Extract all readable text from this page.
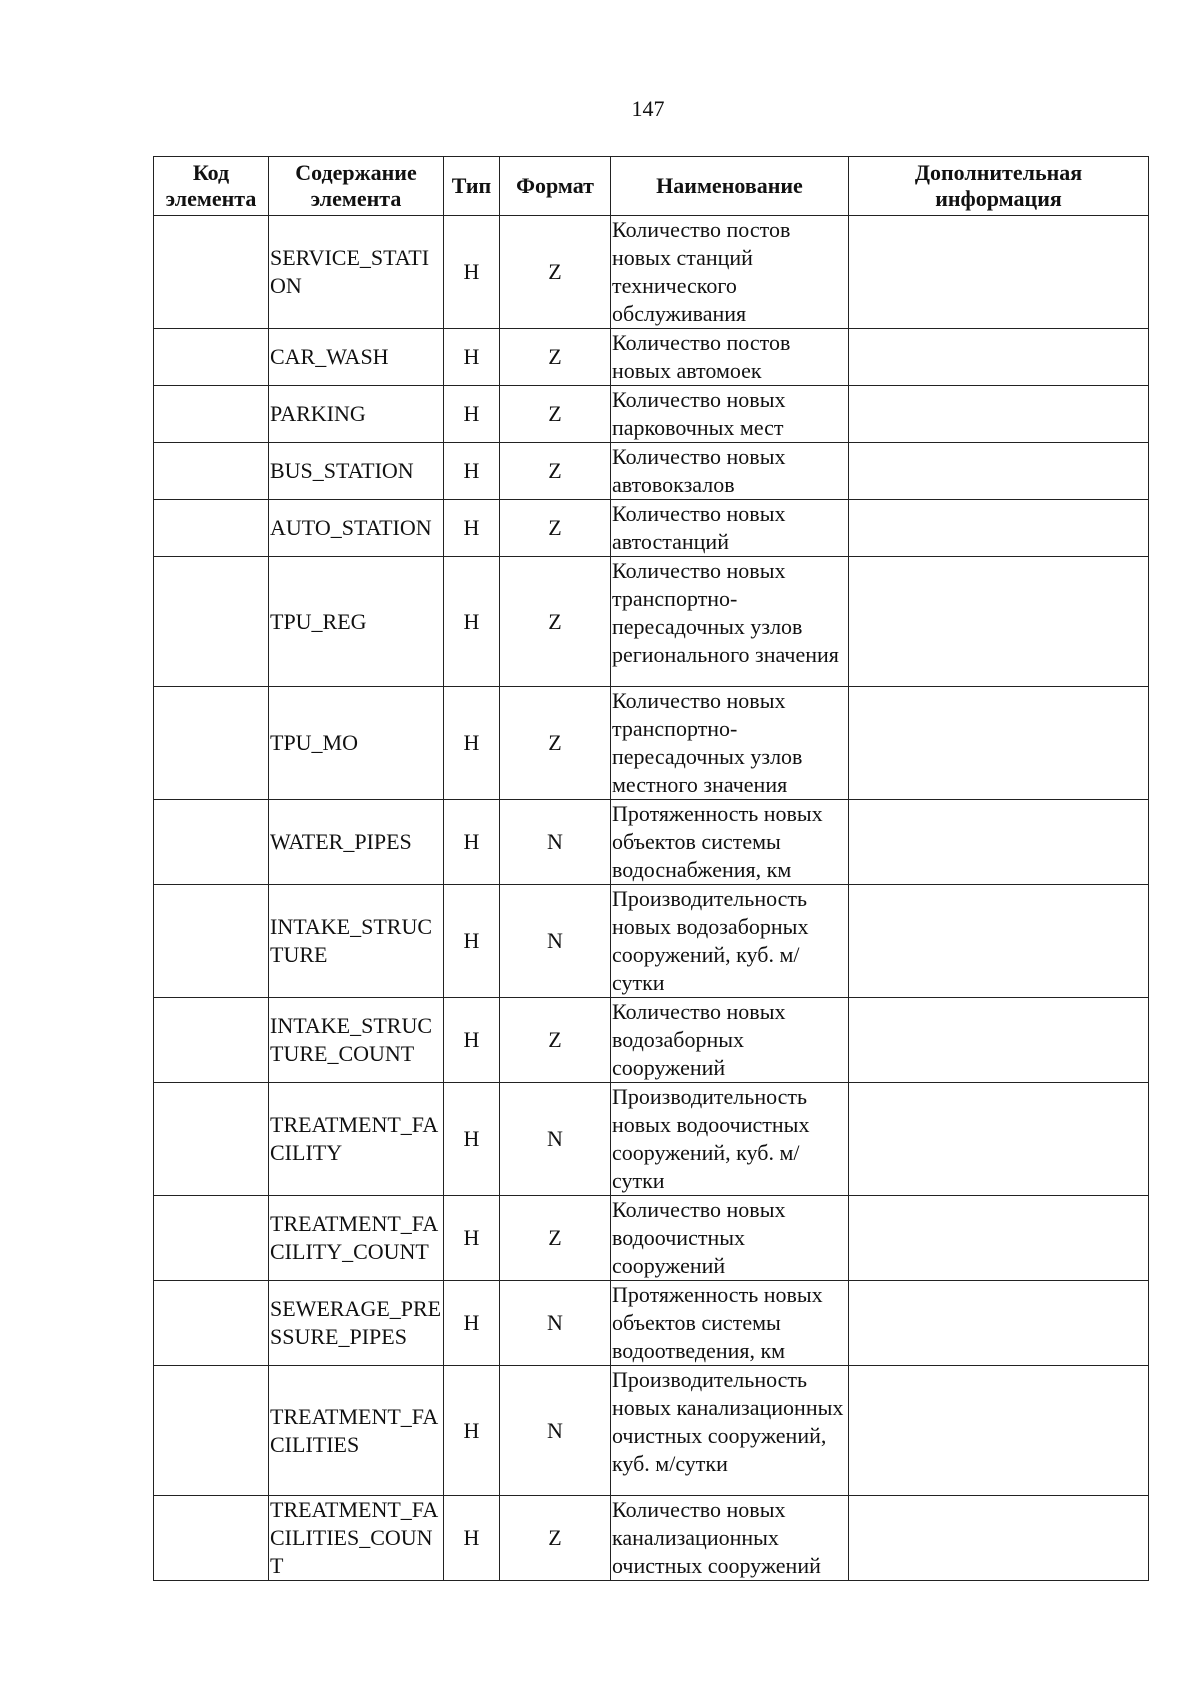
147
Код элемента	Содержание элемента	Тип	Формат	Наименование	Дополнительная информация
	SERVICE_STATION	Н	Z	Количество постов новых станций технического обслуживания	
	CAR_WASH	Н	Z	Количество постов новых автомоек	
	PARKING	Н	Z	Количество новых парковочных мест	
	BUS_STATION	Н	Z	Количество новых автовокзалов	
	AUTO_STATION	Н	Z	Количество новых автостанций	
	TPU_REG	Н	Z	Количество новых транспортно-пересадочных узлов регионального значения	
	TPU_MO	Н	Z	Количество новых транспортно-пересадочных узлов местного значения	
	WATER_PIPES	Н	N	Протяженность новых объектов системы водоснабжения, км	
	INTAKE_STRUCTURE	Н	N	Производительность новых водозаборных сооружений, куб. м/сутки	
	INTAKE_STRUCTURE_COUNT	Н	Z	Количество новых водозаборных сооружений	
	TREATMENT_FACILITY	Н	N	Производительность новых водоочистных сооружений, куб. м/сутки	
	TREATMENT_FACILITY_COUNT	Н	Z	Количество новых водоочистных сооружений	
	SEWERAGE_PRESSURE_PIPES	Н	N	Протяженность новых объектов системы водоотведения, км	
	TREATMENT_FACILITIES	Н	N	Производительность новых канализационных очистных сооружений, куб. м/сутки	
	TREATMENT_FACILITIES_COUNT	Н	Z	Количество новых канализационных очистных сооружений	
